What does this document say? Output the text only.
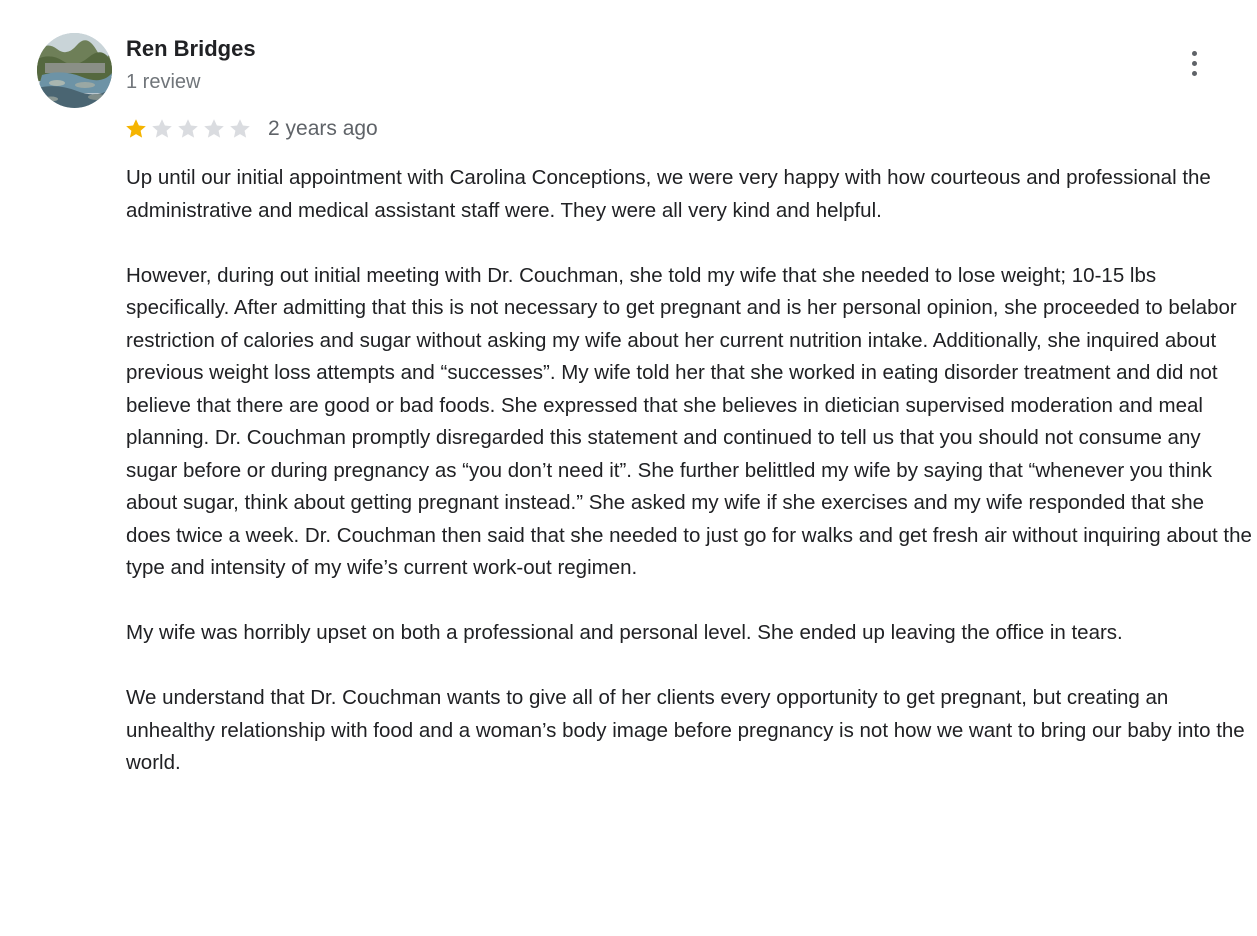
Ren Bridges
1 review
2 years ago

Up until our initial appointment with Carolina Conceptions, we were very happy with how courteous and professional the administrative and medical assistant staff were. They were all very kind and helpful.

However, during out initial meeting with Dr. Couchman, she told my wife that she needed to lose weight; 10-15 lbs specifically. After admitting that this is not necessary to get pregnant and is her personal opinion, she proceeded to belabor restriction of calories and sugar without asking my wife about her current nutrition intake. Additionally, she inquired about previous weight loss attempts and “successes”. My wife told her that she worked in eating disorder treatment and did not believe that there are good or bad foods. She expressed that she believes in dietician supervised moderation and meal planning. Dr. Couchman promptly disregarded this statement and continued to tell us that you should not consume any sugar before or during pregnancy as “you don’t need it”. She further belittled my wife by saying that “whenever you think about sugar, think about getting pregnant instead.” She asked my wife if she exercises and my wife responded that she does twice a week. Dr. Couchman then said that she needed to just go for walks and get fresh air without inquiring about the type and intensity of my wife’s current work-out regimen.

My wife was horribly upset on both a professional and personal level. She ended up leaving the office in tears.

We understand that Dr. Couchman wants to give all of her clients every opportunity to get pregnant, but creating an unhealthy relationship with food and a woman’s body image before pregnancy is not how we want to bring our baby into the world.
